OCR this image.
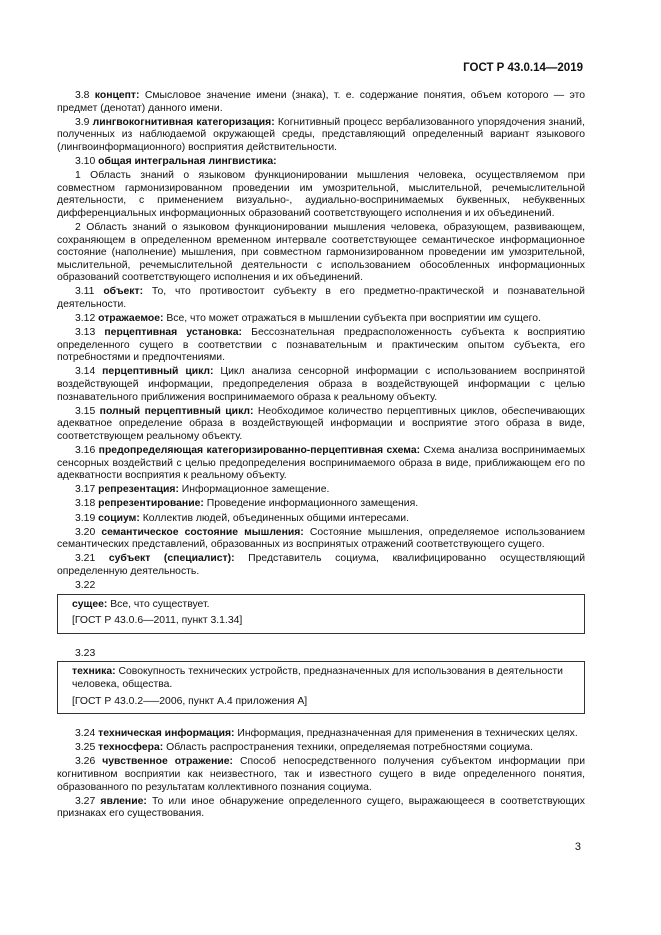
ГОСТ Р 43.0.14—2019

3.8 концепт: Смысловое значение имени (знака), т. е. содержание понятия, объем которого — это предмет (денотат) данного имени.

3.9 лингвокогнитивная категоризация: Когнитивный процесс вербализованного упорядочения знаний, полученных из наблюдаемой окружающей среды, представляющий определенный вариант языкового (лингвоинформационного) восприятия действительности.

3.10 общая интегральная лингвистика:

1 Область знаний о языковом функционировании мышления человека, осуществляемом при совместном гармонизированном проведении им умозрительной, мыслительной, речемыслительной деятельности, с применением визуально-, аудиально-воспринимаемых буквенных, небуквенных дифференциальных информационных образований соответствующего исполнения и их объединений.

2 Область знаний о языковом функционировании мышления человека, образующем, развивающем, сохраняющем в определенном временном интервале соответствующее семантическое информационное состояние (наполнение) мышления, при совместном гармонизированном проведении им умозрительной, мыслительной, речемыслительной деятельности с использованием обособленных информационных образований соответствующего исполнения и их объединений.

3.11 объект: То, что противостоит субъекту в его предметно-практической и познавательной деятельности.

3.12 отражаемое: Все, что может отражаться в мышлении субъекта при восприятии им сущего.

3.13 перцептивная установка: Бессознательная предрасположенность субъекта к восприятию определенного сущего в соответствии с познавательным и практическим опытом субъекта, его потребностями и предпочтениями.

3.14 перцептивный цикл: Цикл анализа сенсорной информации с использованием воспринятой воздействующей информации, предопределения образа в воздействующей информации с целью познавательного приближения воспринимаемого образа к реальному объекту.

3.15 полный перцептивный цикл: Необходимое количество перцептивных циклов, обеспечивающих адекватное определение образа в воздействующей информации и восприятие этого образа в виде, соответствующем реальному объекту.

3.16 предопределяющая категоризированно-перцептивная схема: Схема анализа воспринимаемых сенсорных воздействий с целью предопределения воспринимаемого образа в виде, приближающем его по адекватности восприятия к реальному объекту.

3.17 репрезентация: Информационное замещение.

3.18 репрезентирование: Проведение информационного замещения.

3.19 социум: Коллектив людей, объединенных общими интересами.

3.20 семантическое состояние мышления: Состояние мышления, определяемое использованием семантических представлений, образованных из воспринятых отражений соответствующего сущего.

3.21 субъект (специалист): Представитель социума, квалифицированно осуществляющий определенную деятельность.

3.22

сущее: Все, что существует.

[ГОСТ Р 43.0.6—2011, пункт 3.1.34]

3.23

техника: Совокупность технических устройств, предназначенных для использования в деятельности человека, общества.

[ГОСТ Р 43.0.2—–2006, пункт А.4 приложения А]

3.24 техническая информация: Информация, предназначенная для применения в технических целях.

3.25 техносфера: Область распространения техники, определяемая потребностями социума.

3.26 чувственное отражение: Способ непосредственного получения субъектом информации при когнитивном восприятии как неизвестного, так и известного сущего в виде определенного понятия, образованного по результатам коллективного познания социума.

3.27 явление: То или иное обнаружение определенного сущего, выражающееся в соответствующих признаках его существования.

3
